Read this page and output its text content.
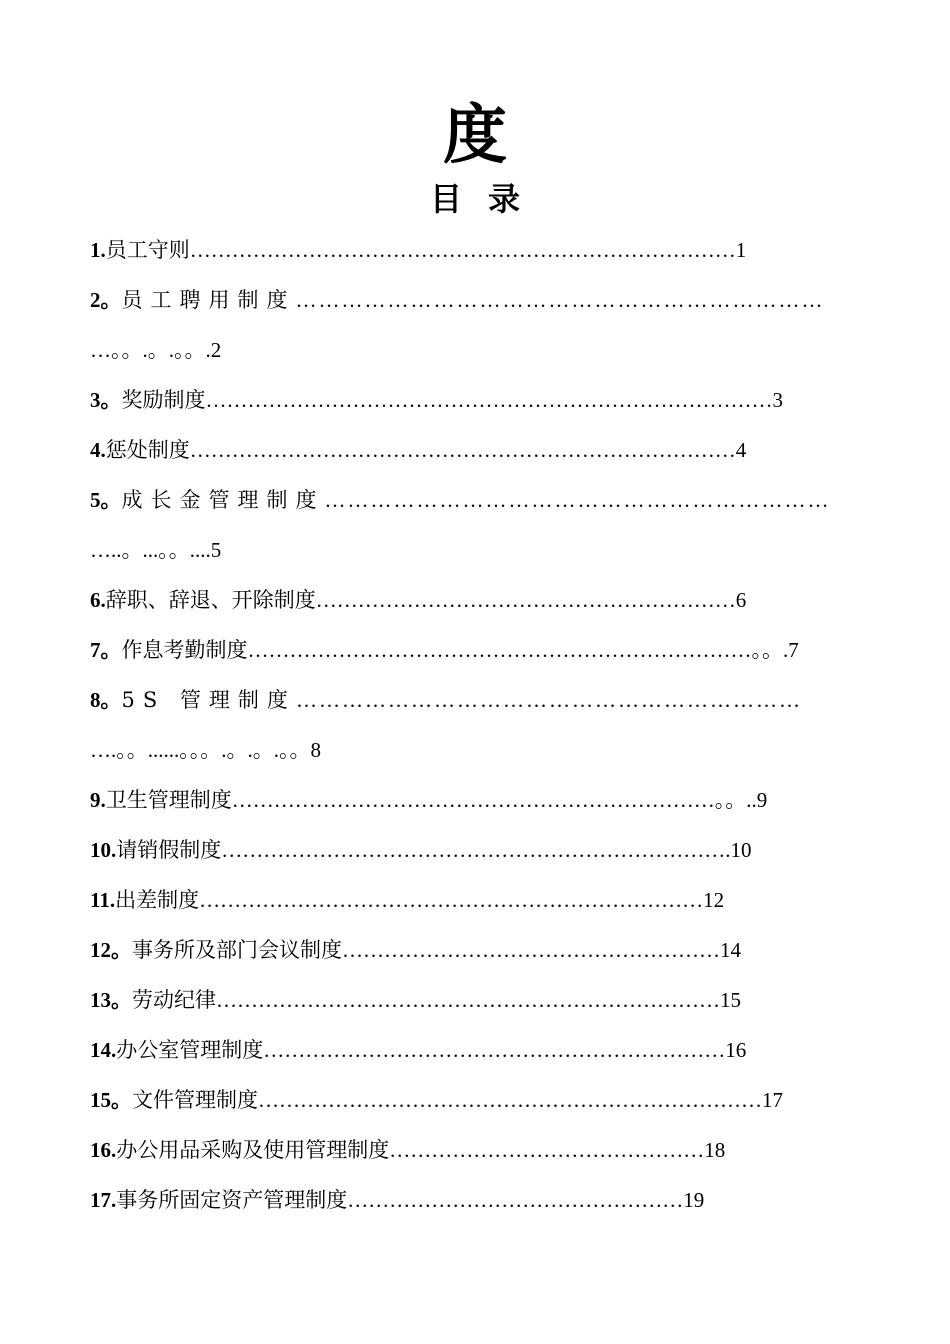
度
目录
1.员工守则……………………………………………………………………1
2。员工聘用制度……………………………………………………………
…。。.。.。。.2
3。奖励制度………………………………………………………………………3
4.惩处制度……………………………………………………………………4
5。成长金管理制度…………………………………………………………
…..。...。。....5
6.辞职、辞退、开除制度……………………………………………………6
7。作息考勤制度………………………………………………………………。。.7
8。5S 管理制度…………………………………………………………
….。。......。。。.。.。.。。8
9.卫生管理制度……………………………………………………………。。..9
10.请销假制度……………………………………………………………….10
11.出差制度………………………………………………………………12
12。事务所及部门会议制度………………………………………………14
13。劳动纪律………………………………………………………………15
14.办公室管理制度…………………………………………………………16
15。文件管理制度………………………………………………………………17
16.办公用品采购及使用管理制度………………………………………18
17.事务所固定资产管理制度…………………………………………19
